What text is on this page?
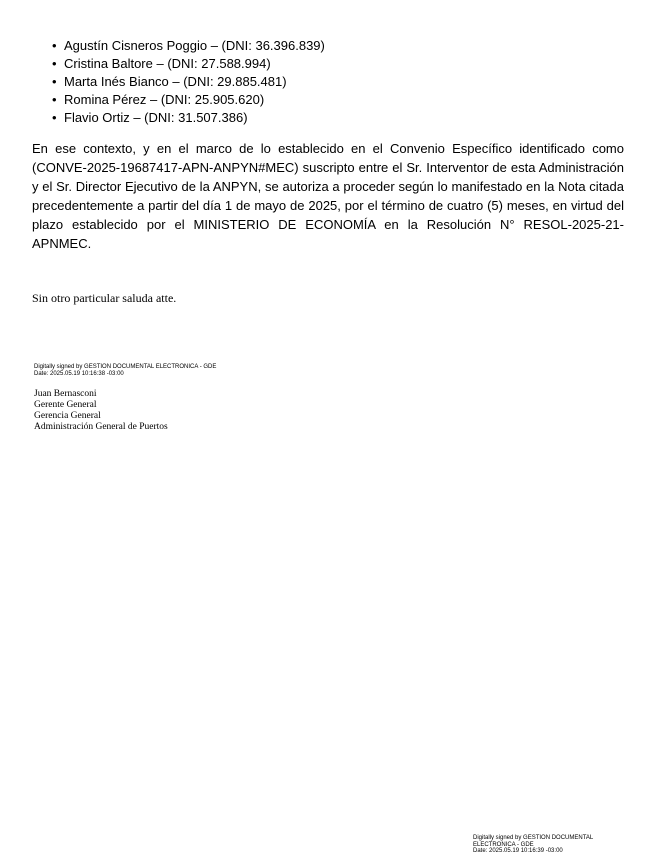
• Agustín Cisneros Poggio – (DNI: 36.396.839)
• Cristina Baltore – (DNI: 27.588.994)
• Marta Inés Bianco – (DNI: 29.885.481)
• Romina Pérez – (DNI: 25.905.620)
• Flavio Ortiz – (DNI: 31.507.386)

En ese contexto, y en el marco de lo establecido en el Convenio Específico identificado como (CONVE-2025-19687417-APN-ANPYN#MEC) suscripto entre el Sr. Interventor de esta Administración y el Sr. Director Ejecutivo de la ANPYN, se autoriza a proceder según lo manifestado en la Nota citada precedentemente a partir del día 1 de mayo de 2025, por el término de cuatro (5) meses, en virtud del plazo establecido por el MINISTERIO DE ECONOMÍA en la Resolución N° RESOL-2025-21-APNMEC.

Sin otro particular saluda atte.

Digitally signed by GESTION DOCUMENTAL ELECTRONICA - GDE
Date: 2025.05.19 10:16:38 -03:00
Juan Bernasconi
Gerente General
Gerencia General
Administración General de Puertos
Digitally signed by GESTION DOCUMENTAL
ELECTRONICA - GDE
Date: 2025.05.19 10:16:39 -03:00
